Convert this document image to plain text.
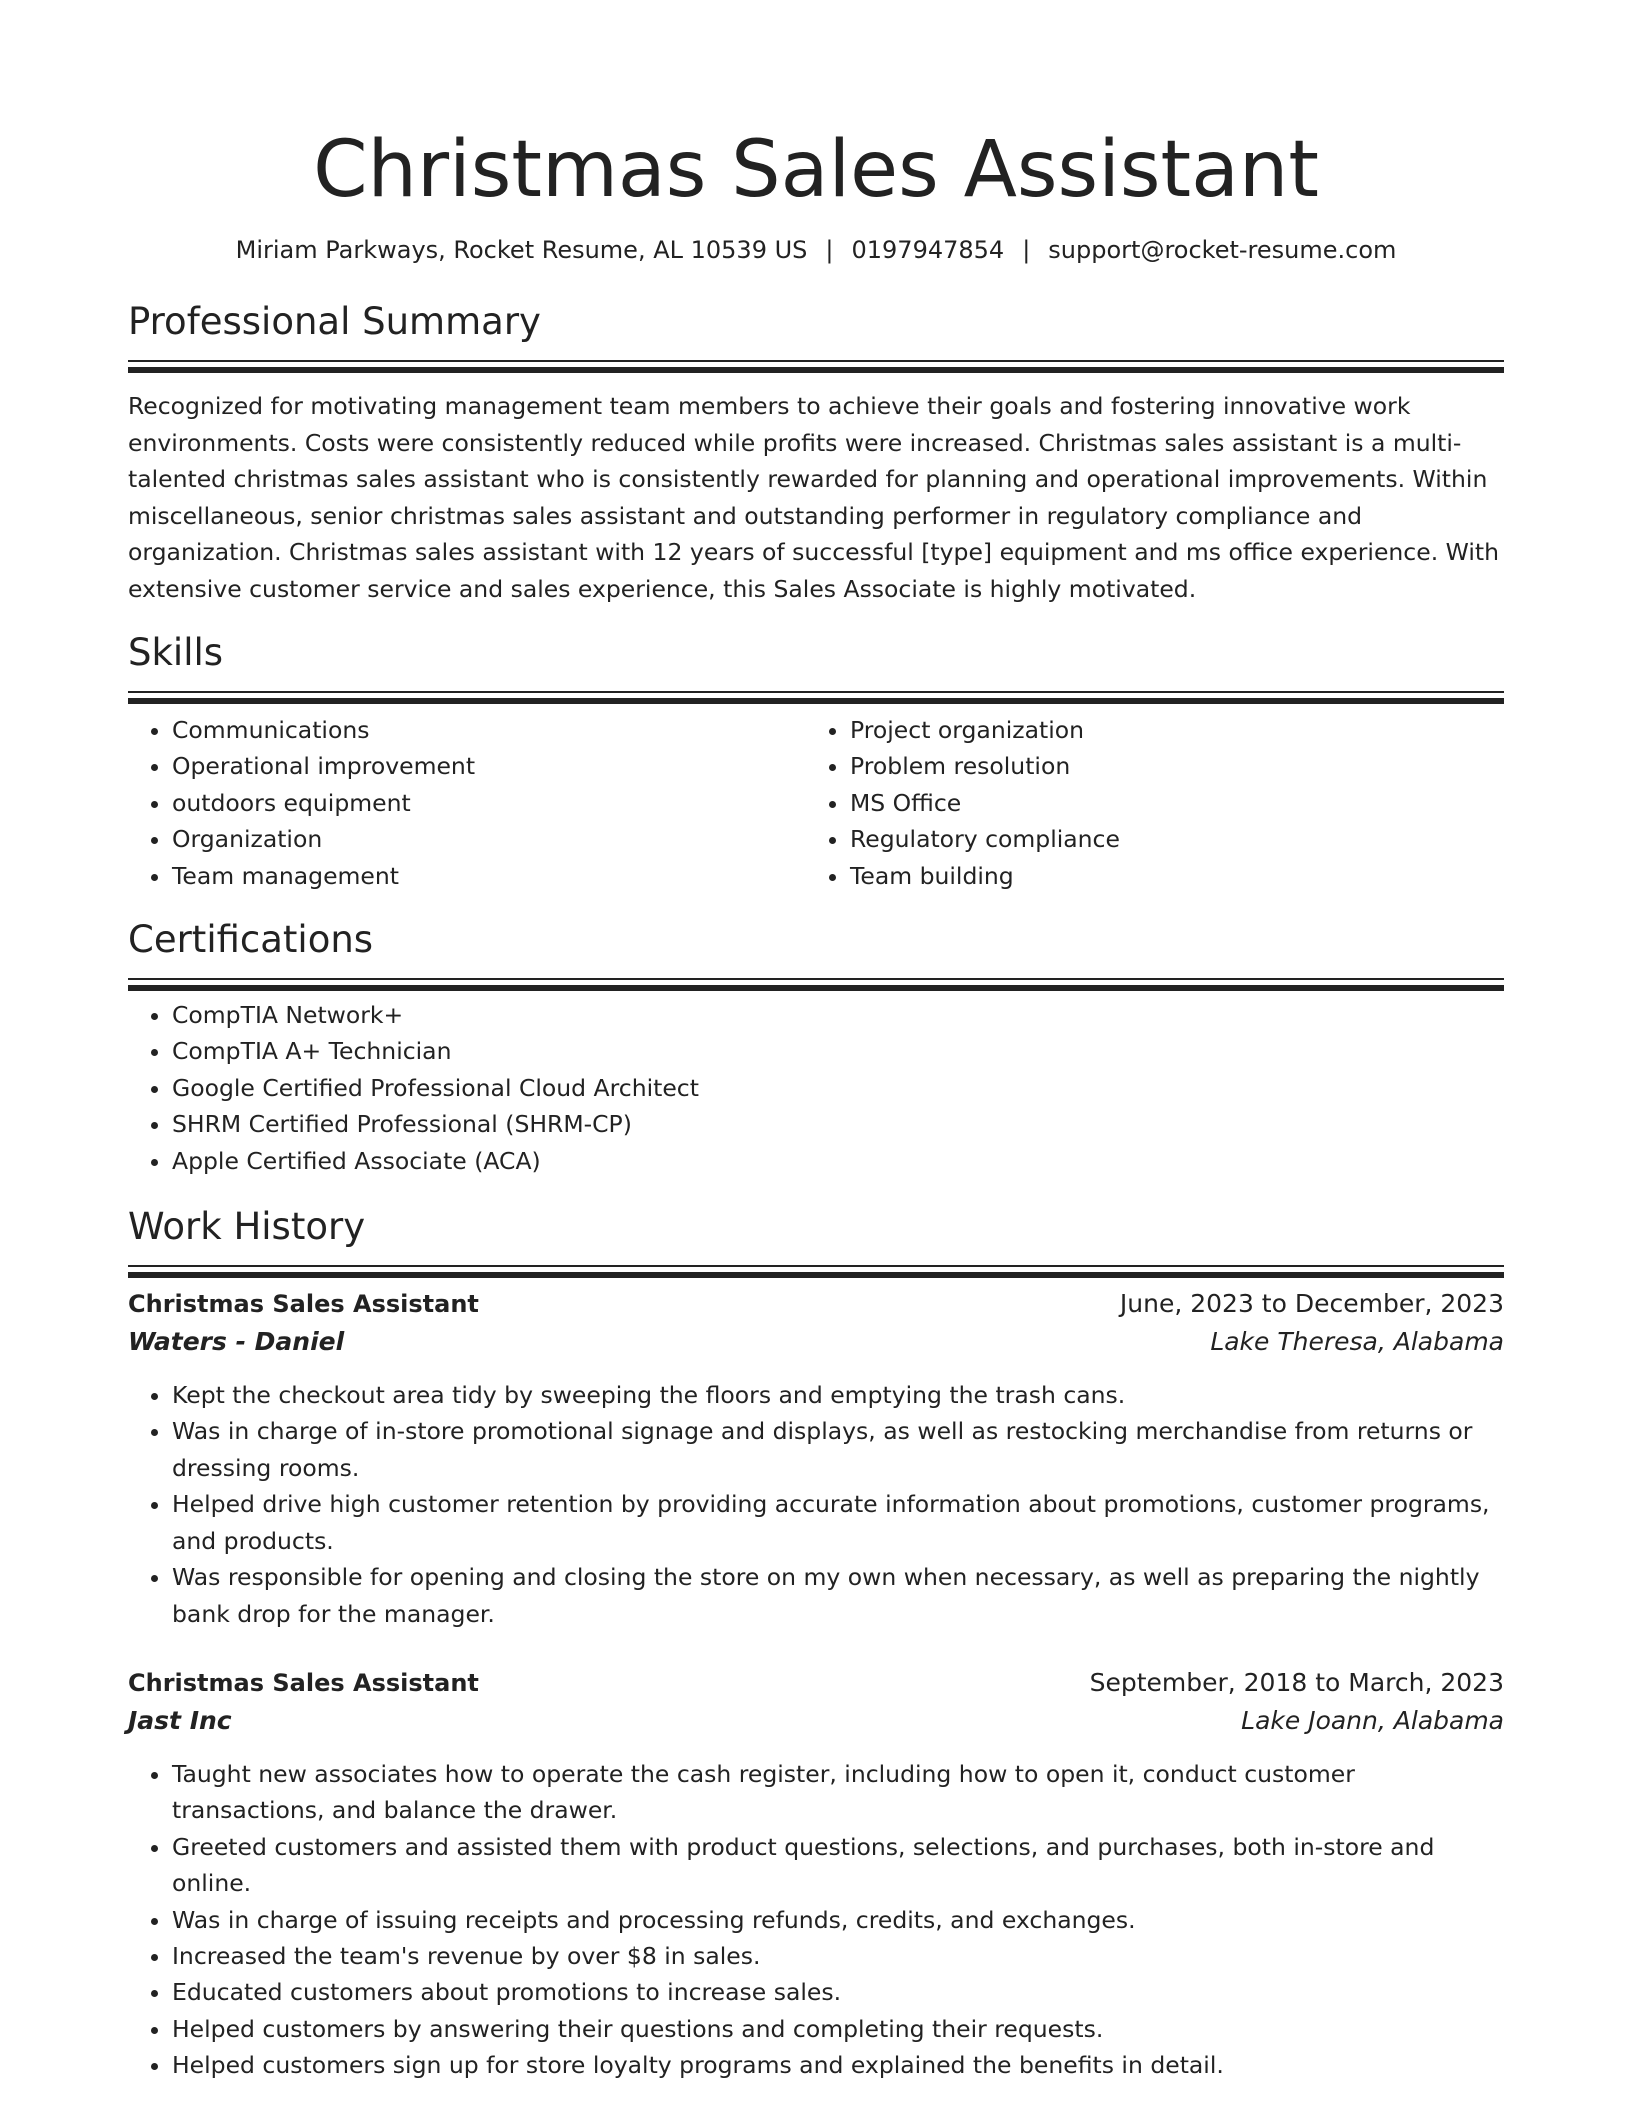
Christmas Sales Assistant
Miriam Parkways, Rocket Resume, AL 10539 US | 0197947854 | support@rocket-resume.com
Professional Summary
Recognized for motivating management team members to achieve their goals and fostering innovative work environments. Costs were consistently reduced while profits were increased. Christmas sales assistant is a multi-talented christmas sales assistant who is consistently rewarded for planning and operational improvements. Within miscellaneous, senior christmas sales assistant and outstanding performer in regulatory compliance and organization. Christmas sales assistant with 12 years of successful [type] equipment and ms office experience. With extensive customer service and sales experience, this Sales Associate is highly motivated.
Skills
• Communications
• Operational improvement
• outdoors equipment
• Organization
• Team management
• Project organization
• Problem resolution
• MS Office
• Regulatory compliance
• Team building
Certifications
• CompTIA Network+
• CompTIA A+ Technician
• Google Certified Professional Cloud Architect
• SHRM Certified Professional (SHRM-CP)
• Apple Certified Associate (ACA)
Work History
Christmas Sales Assistant	June, 2023 to December, 2023
Waters - Daniel	Lake Theresa, Alabama
• Kept the checkout area tidy by sweeping the floors and emptying the trash cans.
• Was in charge of in-store promotional signage and displays, as well as restocking merchandise from returns or dressing rooms.
• Helped drive high customer retention by providing accurate information about promotions, customer programs, and products.
• Was responsible for opening and closing the store on my own when necessary, as well as preparing the nightly bank drop for the manager.
Christmas Sales Assistant	September, 2018 to March, 2023
Jast Inc	Lake Joann, Alabama
• Taught new associates how to operate the cash register, including how to open it, conduct customer transactions, and balance the drawer.
• Greeted customers and assisted them with product questions, selections, and purchases, both in-store and online.
• Was in charge of issuing receipts and processing refunds, credits, and exchanges.
• Increased the team's revenue by over $8 in sales.
• Educated customers about promotions to increase sales.
• Helped customers by answering their questions and completing their requests.
• Helped customers sign up for store loyalty programs and explained the benefits in detail.
